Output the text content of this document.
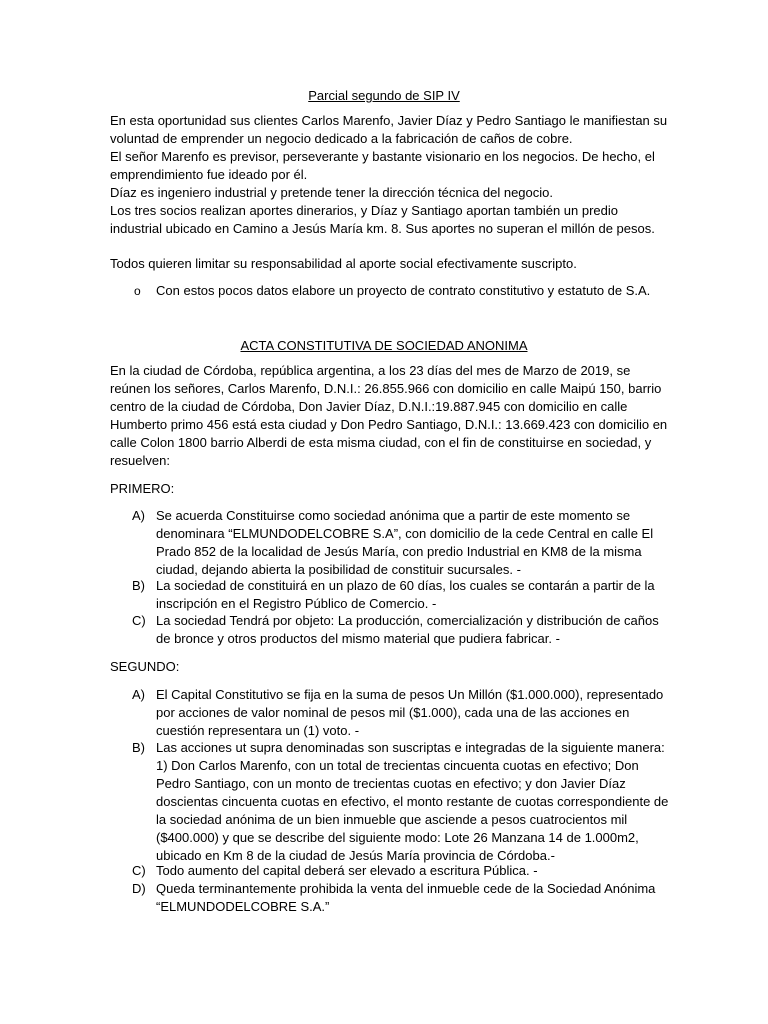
Parcial segundo de SIP IV

En esta oportunidad sus clientes Carlos Marenfo, Javier Díaz y Pedro Santiago le manifiestan su voluntad de emprender un negocio dedicado a la fabricación de caños de cobre.

El señor Marenfo es previsor, perseverante y bastante visionario en los negocios. De hecho, el emprendimiento fue ideado por él.

Díaz es ingeniero industrial y pretende tener la dirección técnica del negocio.

Los tres socios realizan aportes dinerarios, y Díaz y Santiago aportan también un predio industrial ubicado en Camino a Jesús María km. 8. Sus aportes no superan el millón de pesos.

Todos quieren limitar su responsabilidad al aporte social efectivamente suscripto.

o Con estos pocos datos elabore un proyecto de contrato constitutivo y estatuto de S.A.
ACTA CONSTITUTIVA DE SOCIEDAD ANONIMA

En la ciudad de Córdoba, república argentina, a los 23 días del mes de Marzo de 2019, se reúnen los señores, Carlos Marenfo, D.N.I.: 26.855.966 con domicilio en calle Maipú 150, barrio centro de la ciudad de Córdoba, Don Javier Díaz, D.N.I.:19.887.945 con domicilio en calle Humberto primo 456 está esta ciudad y Don Pedro Santiago, D.N.I.: 13.669.423 con domicilio en calle Colon 1800 barrio Alberdi de esta misma ciudad, con el fin de constituirse en sociedad, y resuelven:

PRIMERO:

A) Se acuerda Constituirse como sociedad anónima que a partir de este momento se denominara “ELMUNDODELCOBRE S.A”, con domicilio de la cede Central en calle El Prado 852 de la localidad de Jesús María, con predio Industrial en KM8 de la misma ciudad, dejando abierta la posibilidad de constituir sucursales. -
B) La sociedad de constituirá en un plazo de 60 días, los cuales se contarán a partir de la inscripción en el Registro Público de Comercio. -
C) La sociedad Tendrá por objeto: La producción, comercialización y distribución de caños de bronce y otros productos del mismo material que pudiera fabricar. -

SEGUNDO:

A) El Capital Constitutivo se fija en la suma de pesos Un Millón ($1.000.000), representado por acciones de valor nominal de pesos mil ($1.000), cada una de las acciones en cuestión representara un (1) voto. -
B) Las acciones ut supra denominadas son suscriptas e integradas de la siguiente manera: 1) Don Carlos Marenfo, con un total de trecientas cincuenta cuotas en efectivo; Don Pedro Santiago, con un monto de trecientas cuotas en efectivo; y don Javier Díaz doscientas cincuenta cuotas en efectivo, el monto restante de cuotas correspondiente de la sociedad anónima de un bien inmueble que asciende a pesos cuatrocientos mil ($400.000) y que se describe del siguiente modo: Lote 26 Manzana 14 de 1.000m2, ubicado en Km 8 de la ciudad de Jesús María provincia de Córdoba.-
C) Todo aumento del capital deberá ser elevado a escritura Pública. -
D) Queda terminantemente prohibida la venta del inmueble cede de la Sociedad Anónima “ELMUNDODELCOBRE S.A.”
